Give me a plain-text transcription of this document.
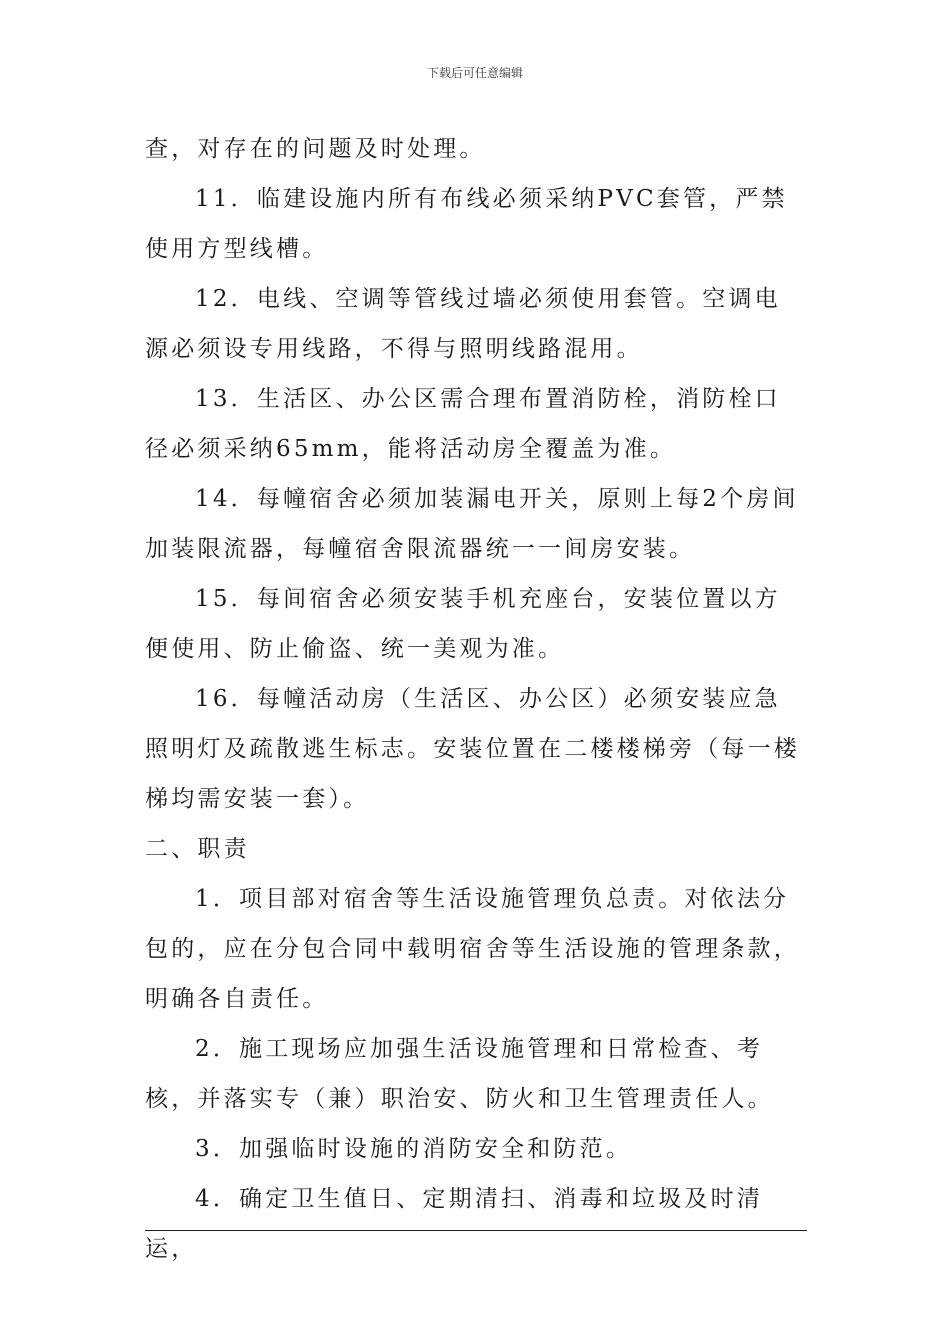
下载后可任意编辑

查，对存在的问题及时处理。

11．临建设施内所有布线必须采纳PVC套管，严禁使用方型线槽。

12．电线、空调等管线过墙必须使用套管。空调电源必须设专用线路，不得与照明线路混用。

13．生活区、办公区需合理布置消防栓，消防栓口径必须采纳65mm，能将活动房全覆盖为准。

14．每幢宿舍必须加装漏电开关，原则上每2个房间加装限流器，每幢宿舍限流器统一一间房安装。

15．每间宿舍必须安装手机充座台，安装位置以方便使用、防止偷盗、统一美观为准。

16．每幢活动房（生活区、办公区）必须安装应急照明灯及疏散逃生标志。安装位置在二楼楼梯旁（每一楼梯均需安装一套）。

二、职责

1．项目部对宿舍等生活设施管理负总责。对依法分包的，应在分包合同中载明宿舍等生活设施的管理条款，明确各自责任。

2．施工现场应加强生活设施管理和日常检查、考核，并落实专（兼）职治安、防火和卫生管理责任人。

3．加强临时设施的消防安全和防范。

4．确定卫生值日、定期清扫、消毒和垃圾及时清运，
